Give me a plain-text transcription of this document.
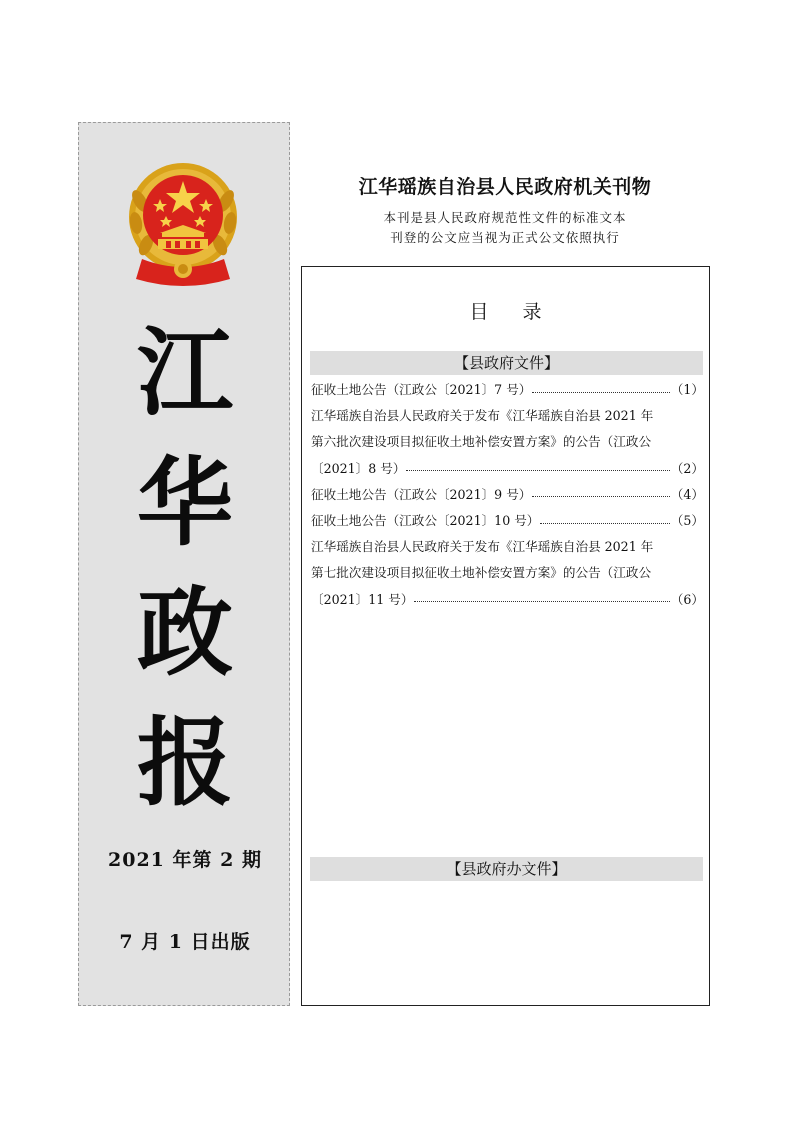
江
华
政
报
2021 年第 2 期
7 月 1 日出版
江华瑶族自治县人民政府机关刊物
本刊是县人民政府规范性文件的标准文本
刊登的公文应当视为正式公文依照执行
目 录
【县政府文件】
征收土地公告（江政公〔2021〕7 号）	（1）
江华瑶族自治县人民政府关于发布《江华瑶族自治县 2021 年
第六批次建设项目拟征收土地补偿安置方案》的公告（江政公
〔2021〕8 号）	（2）
征收土地公告（江政公〔2021〕9 号）	（4）
征收土地公告（江政公〔2021〕10 号）	（5）
江华瑶族自治县人民政府关于发布《江华瑶族自治县 2021 年
第七批次建设项目拟征收土地补偿安置方案》的公告（江政公
〔2021〕11 号）	（6）
【县政府办文件】
